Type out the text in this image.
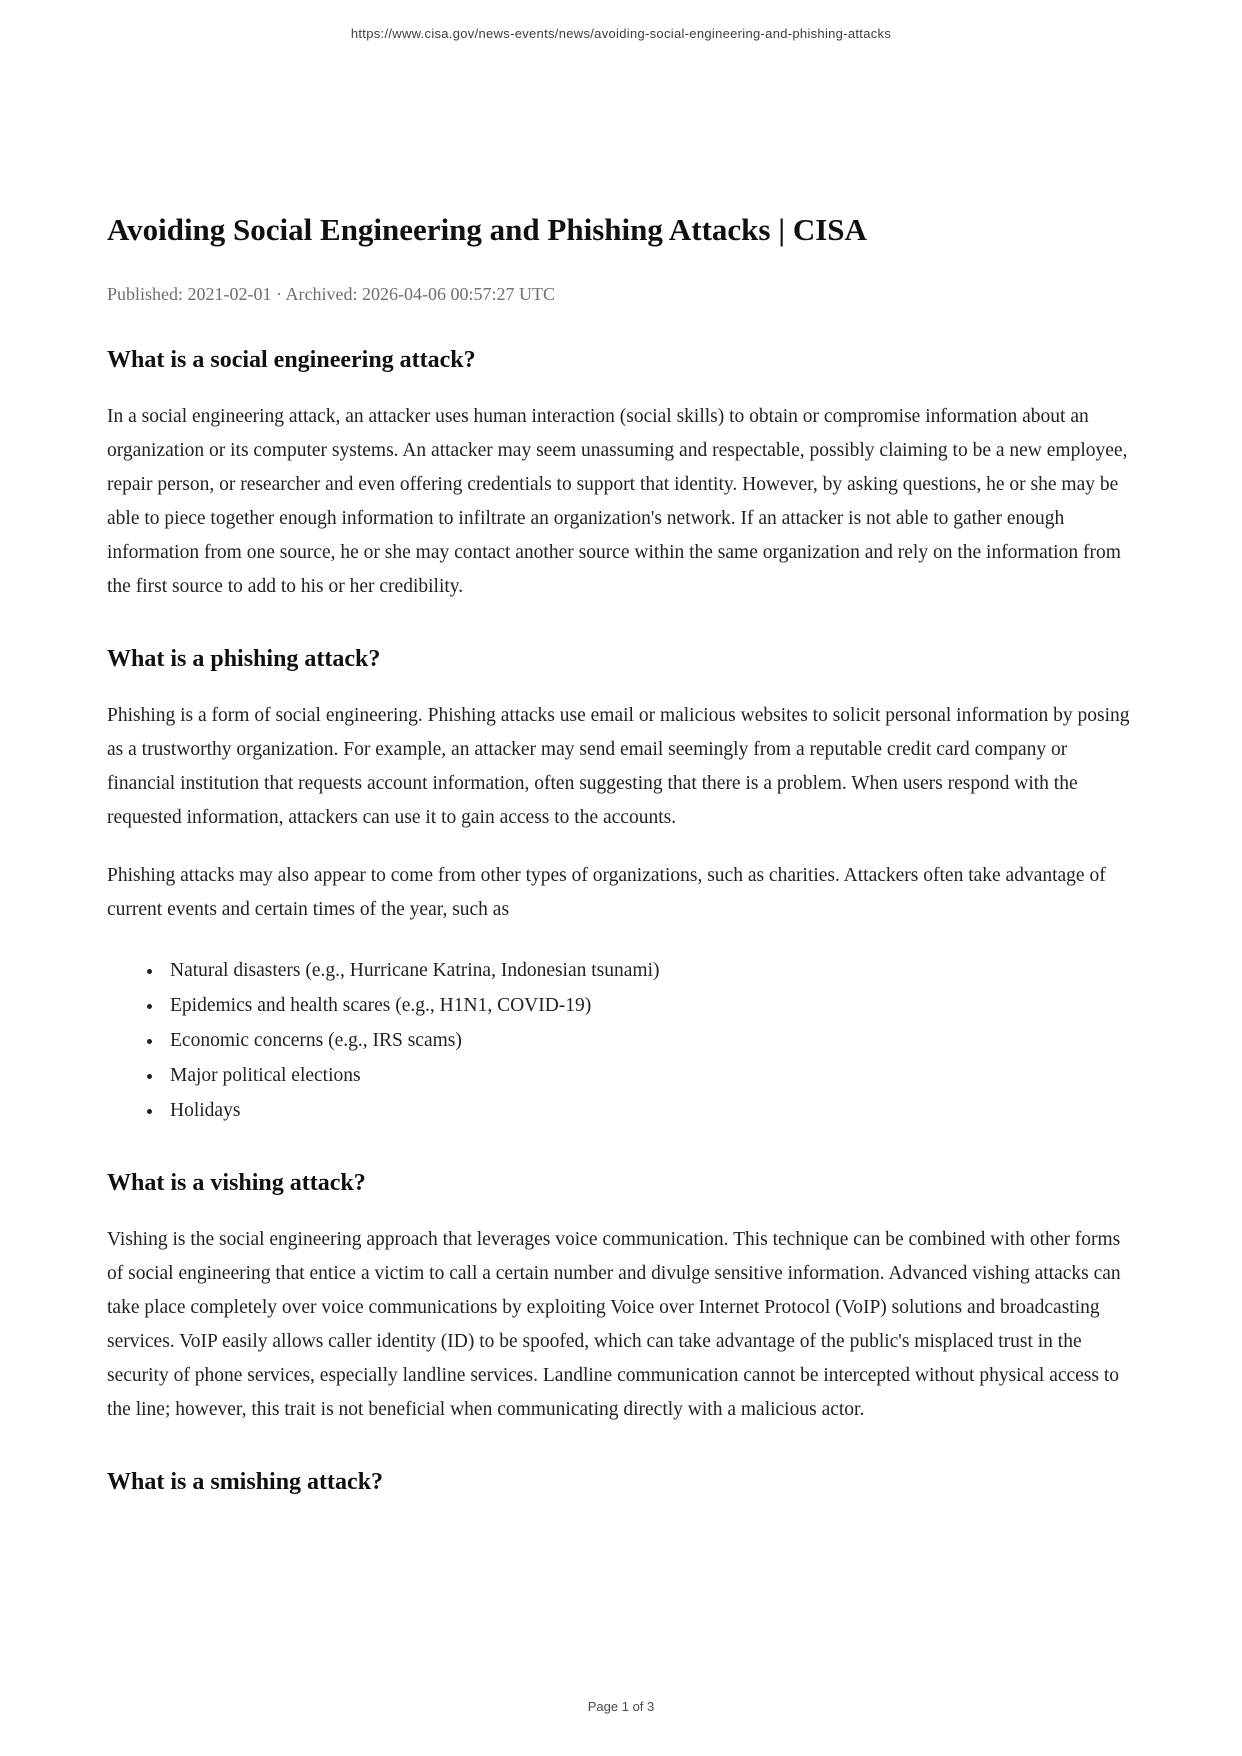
https://www.cisa.gov/news-events/news/avoiding-social-engineering-and-phishing-attacks
Avoiding Social Engineering and Phishing Attacks | CISA
Published: 2021-02-01 · Archived: 2026-04-06 00:57:27 UTC
What is a social engineering attack?

In a social engineering attack, an attacker uses human interaction (social skills) to obtain or compromise information about an organization or its computer systems. An attacker may seem unassuming and respectable, possibly claiming to be a new employee, repair person, or researcher and even offering credentials to support that identity. However, by asking questions, he or she may be able to piece together enough information to infiltrate an organization's network. If an attacker is not able to gather enough information from one source, he or she may contact another source within the same organization and rely on the information from the first source to add to his or her credibility.

What is a phishing attack?

Phishing is a form of social engineering. Phishing attacks use email or malicious websites to solicit personal information by posing as a trustworthy organization. For example, an attacker may send email seemingly from a reputable credit card company or financial institution that requests account information, often suggesting that there is a problem. When users respond with the requested information, attackers can use it to gain access to the accounts.

Phishing attacks may also appear to come from other types of organizations, such as charities. Attackers often take advantage of current events and certain times of the year, such as

• Natural disasters (e.g., Hurricane Katrina, Indonesian tsunami)
• Epidemics and health scares (e.g., H1N1, COVID-19)
• Economic concerns (e.g., IRS scams)
• Major political elections
• Holidays
What is a vishing attack?

Vishing is the social engineering approach that leverages voice communication. This technique can be combined with other forms of social engineering that entice a victim to call a certain number and divulge sensitive information. Advanced vishing attacks can take place completely over voice communications by exploiting Voice over Internet Protocol (VoIP) solutions and broadcasting services. VoIP easily allows caller identity (ID) to be spoofed, which can take advantage of the public's misplaced trust in the security of phone services, especially landline services. Landline communication cannot be intercepted without physical access to the line; however, this trait is not beneficial when communicating directly with a malicious actor.

What is a smishing attack?
Page 1 of 3
